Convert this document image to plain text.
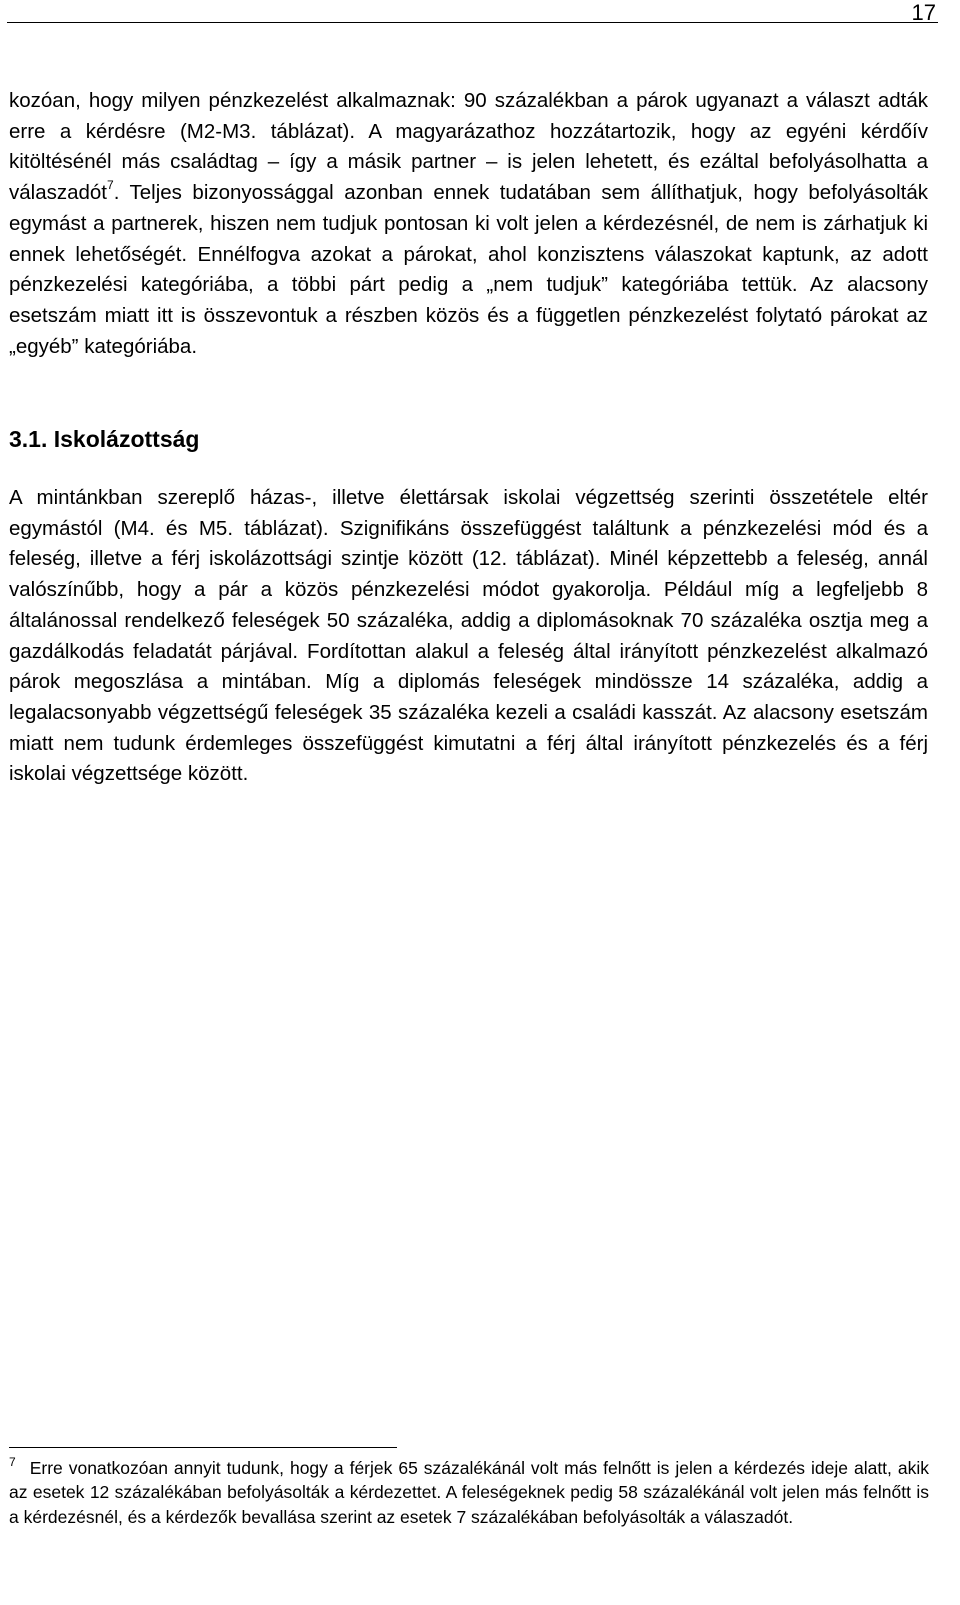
17

kozóan, hogy milyen pénzkezelést alkalmaznak: 90 százalékban a párok ugyanazt a választ adták erre a kérdésre (M2-M3. táblázat). A magyarázathoz hozzátartozik, hogy az egyéni kérdőív kitöltésénél más családtag – így a másik partner – is jelen lehetett, és ezáltal befolyásolhatta a válaszadót$^7$. Teljes bizonyossággal azonban ennek tudatában sem állíthatjuk, hogy befolyásolták egymást a partnerek, hiszen nem tudjuk pontosan ki volt jelen a kérdezésnél, de nem is zárhatjuk ki ennek lehetőségét. Ennélfogva azokat a párokat, ahol konzisztens válaszokat kaptunk, az adott pénzkezelési kategóriába, a többi párt pedig a „nem tudjuk” kategóriába tettük. Az alacsony esetszám miatt itt is összevontuk a részben közös és a független pénzkezelést folytató párokat az „egyéb” kategóriába.

3.1. Iskolázottság

A mintánkban szereplő házas-, illetve élettársak iskolai végzettség szerinti összetétele eltér egymástól (M4. és M5. táblázat). Szignifikáns összefüggést találtunk a pénzkezelési mód és a feleség, illetve a férj iskolázottsági szintje között (12. táblázat). Minél képzettebb a feleség, annál valószínűbb, hogy a pár a közös pénzkezelési módot gyakorolja. Például míg a legfeljebb 8 általánossal rendelkező feleségek 50 százaléka, addig a diplomásoknak 70 százaléka osztja meg a gazdálkodás feladatát párjával. Fordítottan alakul a feleség által irányított pénzkezelést alkalmazó párok megoszlása a mintában. Míg a diplomás feleségek mindössze 14 százaléka, addig a legalacsonyabb végzettségű feleségek 35 százaléka kezeli a családi kasszát. Az alacsony esetszám miatt nem tudunk érdemleges összefüggést kimutatni a férj által irányított pénzkezelés és a férj iskolai végzettsége között.

$^7$ Erre vonatkozóan annyit tudunk, hogy a férjek 65 százalékánál volt más felnőtt is jelen a kérdezés ideje alatt, akik az esetek 12 százalékában befolyásolták a kérdezettet. A feleségeknek pedig 58 százalékánál volt jelen más felnőtt is a kérdezésnél, és a kérdezők bevallása szerint az esetek 7 százalékában befolyásolták a válaszadót.
